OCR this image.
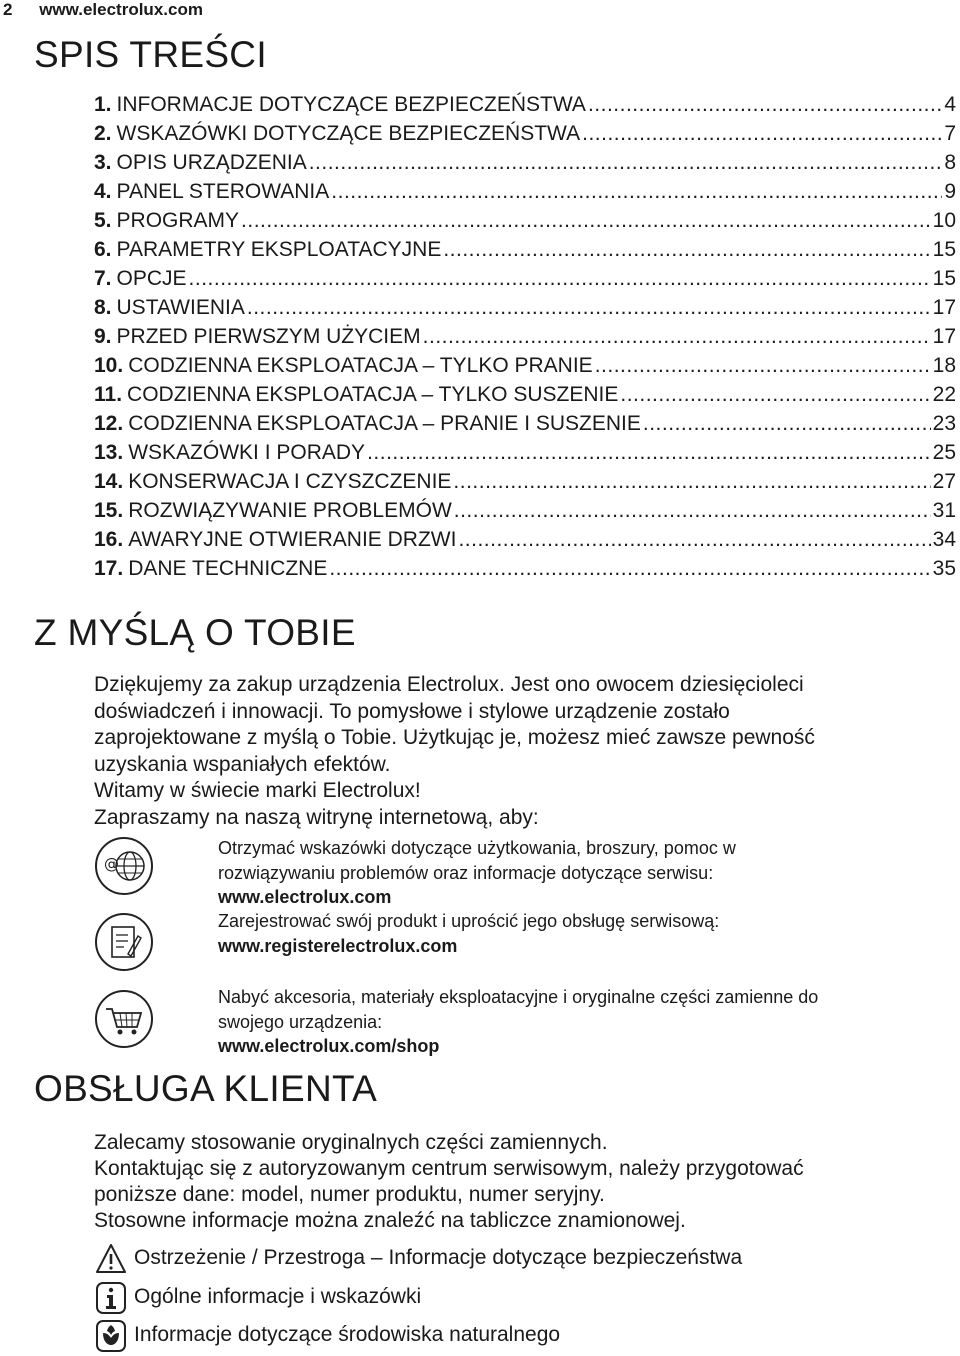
2 www.electrolux.com
SPIS TREŚCI
1. INFORMACJE DOTYCZĄCE BEZPIECZEŃSTWA .....	4
2. WSKAZÓWKI DOTYCZĄCE BEZPIECZEŃSTWA .....	7
3. OPIS URZĄDZENIA .....	8
4. PANEL STEROWANIA .....	9
5. PROGRAMY .....	10
6. PARAMETRY EKSPLOATACYJNE .....	15
7. OPCJE .....	15
8. USTAWIENIA .....	17
9. PRZED PIERWSZYM UŻYCIEM .....	17
10. CODZIENNA EKSPLOATACJA – TYLKO PRANIE .....	18
11. CODZIENNA EKSPLOATACJA – TYLKO SUSZENIE .....	22
12. CODZIENNA EKSPLOATACJA – PRANIE I SUSZENIE .....	23
13. WSKAZÓWKI I PORADY .....	25
14. KONSERWACJA I CZYSZCZENIE .....	27
15. ROZWIĄZYWANIE PROBLEMÓW .....	31
16. AWARYJNE OTWIERANIE DRZWI .....	34
17. DANE TECHNICZNE .....	35
Z MYŚLĄ O TOBIE

Dziękujemy za zakup urządzenia Electrolux. Jest ono owocem dziesięcioleci

doświadczeń i innowacji. To pomysłowe i stylowe urządzenie zostało

zaprojektowane z myślą o Tobie. Użytkując je, możesz mieć zawsze pewność

uzyskania wspaniałych efektów.

Witamy w świecie marki Electrolux!

Zapraszamy na naszą witrynę internetową, aby:

@
Otrzymać wskazówki dotyczące użytkowania, broszury, pomoc w
rozwiązywaniu problemów oraz informacje dotyczące serwisu:
www.electrolux.com
Zarejestrować swój produkt i uprościć jego obsługę serwisową:
www.registerelectrolux.com
Nabyć akcesoria, materiały eksploatacyjne i oryginalne części zamienne do
swojego urządzenia:
www.electrolux.com/shop
OBSŁUGA KLIENTA

Zalecamy stosowanie oryginalnych części zamiennych.

Kontaktując się z autoryzowanym centrum serwisowym, należy przygotować

poniższe dane: model, numer produktu, numer seryjny.

Stosowne informacje można znaleźć na tabliczce znamionowej.

Ostrzeżenie / Przestroga – Informacje dotyczące bezpieczeństwa
Ogólne informacje i wskazówki
Informacje dotyczące środowiska naturalnego
